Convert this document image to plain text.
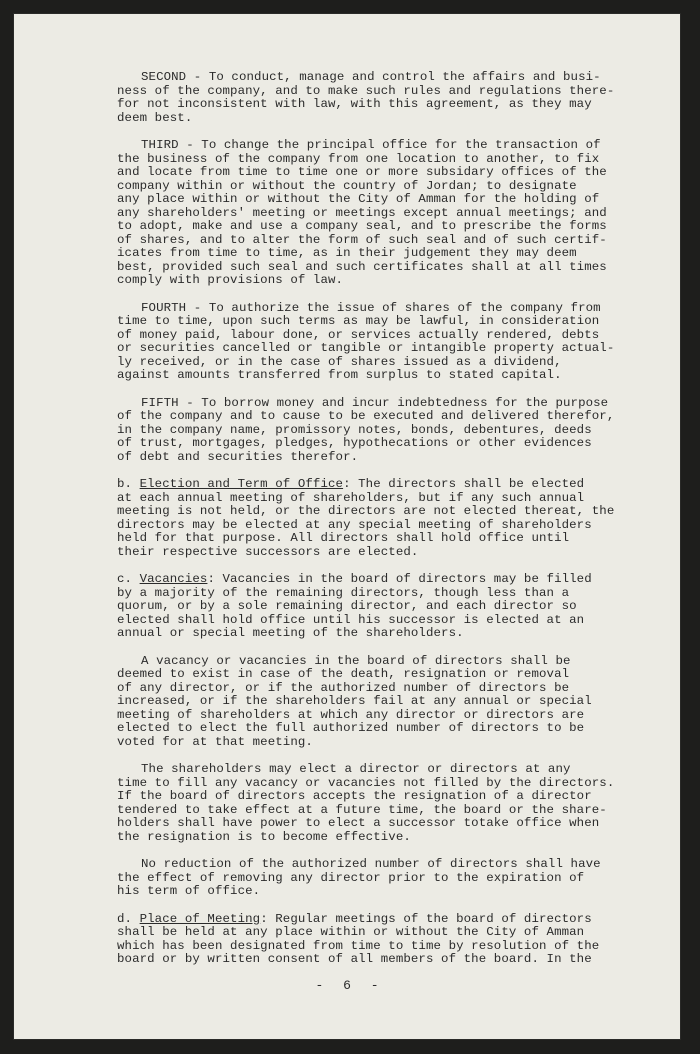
SECOND - To conduct, manage and control the affairs and busi-
ness of the company, and to make such rules and regulations there-
for not inconsistent with law, with this agreement, as they may
deem best.

THIRD - To change the principal office for the transaction of
the business of the company from one location to another, to fix
and locate from time to time one or more subsidary offices of the
company within or without the country of Jordan; to designate
any place within or without the City of Amman for the holding of
any shareholders' meeting or meetings except annual meetings; and
to adopt, make and use a company seal, and to prescribe the forms
of shares, and to alter the form of such seal and of such certif-
icates from time to time, as in their judgement they may deem
best, provided such seal and such certificates shall at all times
comply with provisions of law.

FOURTH - To authorize the issue of shares of the company from
time to time, upon such terms as may be lawful, in consideration
of money paid, labour done, or services actually rendered, debts
or securities cancelled or tangible or intangible property actual-
ly received, or in the case of shares issued as a dividend,
against amounts transferred from surplus to stated capital.

FIFTH - To borrow money and incur indebtedness for the purpose
of the company and to cause to be executed and delivered therefor,
in the company name, promissory notes, bonds, debentures, deeds
of trust, mortgages, pledges, hypothecations or other evidences
of debt and securities therefor.

b. Election and Term of Office: The directors shall be elected
at each annual meeting of shareholders, but if any such annual
meeting is not held, or the directors are not elected thereat, the
directors may be elected at any special meeting of shareholders
held for that purpose. All directors shall hold office until
their respective successors are elected.

c. Vacancies: Vacancies in the board of directors may be filled
by a majority of the remaining directors, though less than a
quorum, or by a sole remaining director, and each director so
elected shall hold office until his successor is elected at an
annual or special meeting of the shareholders.

A vacancy or vacancies in the board of directors shall be
deemed to exist in case of the death, resignation or removal
of any director, or if the authorized number of directors be
increased, or if the shareholders fail at any annual or special
meeting of shareholders at which any director or directors are
elected to elect the full authorized number of directors to be
voted for at that meeting.

The shareholders may elect a director or directors at any
time to fill any vacancy or vacancies not filled by the directors.
If the board of directors accepts the resignation of a director
tendered to take effect at a future time, the board or the share-
holders shall have power to elect a successor totake office when
the resignation is to become effective.

No reduction of the authorized number of directors shall have
the effect of removing any director prior to the expiration of
his term of office.

d. Place of Meeting: Regular meetings of the board of directors
shall be held at any place within or without the City of Amman
which has been designated from time to time by resolution of the
board or by written consent of all members of the board. In the

- 6 -
